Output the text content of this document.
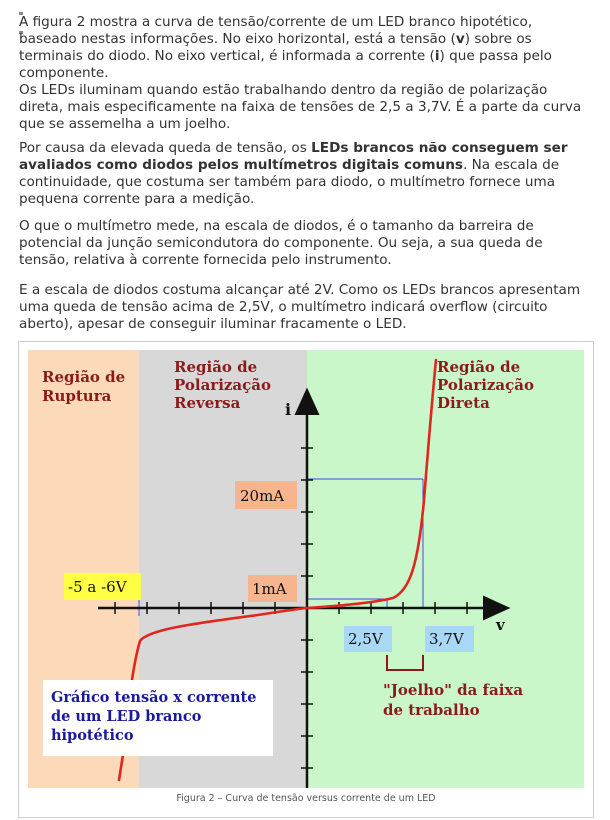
A figura 2 mostra a curva de tensão/corrente de um LED branco hipotético, baseado nestas informações. No eixo horizontal, está a tensão (v) sobre os terminais do diodo. No eixo vertical, é informada a corrente (i) que passa pelo componente.

Os LEDs iluminam quando estão trabalhando dentro da região de polarização direta, mais especificamente na faixa de tensões de 2,5 a 3,7V. É a parte da curva que se assemelha a um joelho.

Por causa da elevada queda de tensão, os LEDs brancos não conseguem ser avaliados como diodos pelos multímetros digitais comuns. Na escala de continuidade, que costuma ser também para diodo, o multímetro fornece uma pequena corrente para a medição.

O que o multímetro mede, na escala de diodos, é o tamanho da barreira de potencial da junção semicondutora do componente. Ou seja, a sua queda de tensão, relativa à corrente fornecida pelo instrumento.

E a escala de diodos costuma alcançar até 2V. Como os LEDs brancos apresentam uma queda de tensão acima de 2,5V, o multímetro indicará overflow (circuito aberto), apesar de conseguir iluminar fracamente o LED.

Região de
Ruptura
Região de
Polarização
Reversa
Região de
Polarização
Direta
i
v
-5 a -6V
20mA
1mA
2,5V	3,7V
"Joelho" da faixa
de trabalho
Gráfico tensão x corrente
de um LED branco
hipotético
Figura 2 – Curva de tensão versus corrente de um LED
